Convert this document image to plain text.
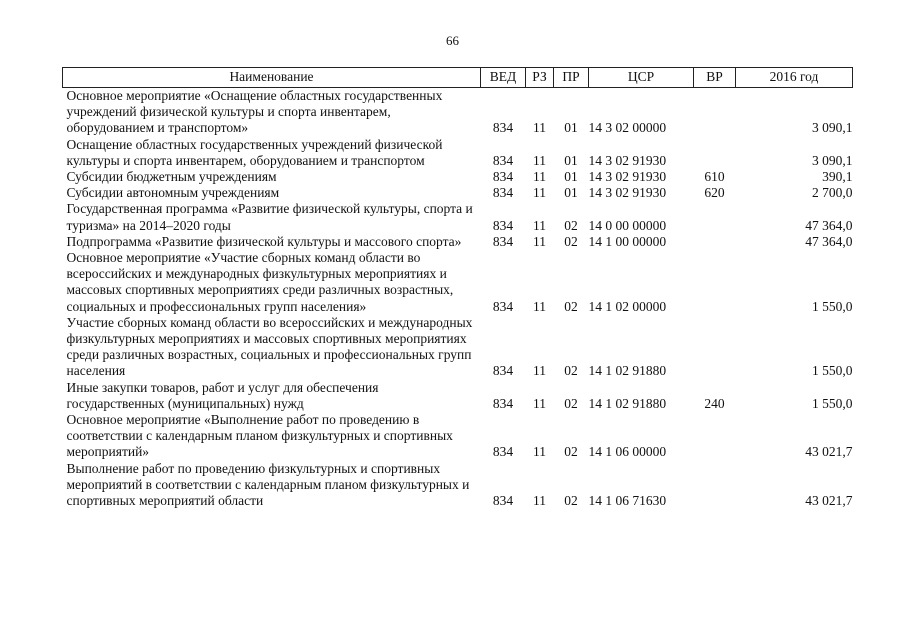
66
Наименование	ВЕД	РЗ	ПР	ЦСР	ВР	2016 год
Основное мероприятие «Оснащение областных государственных учреждений физической культуры и спорта инвентарем, оборудованием и транспортом»	834	11	01	14 3 02 00000		3 090,1
Оснащение областных государственных учреждений физической культуры и спорта инвентарем, оборудованием и транспортом	834	11	01	14 3 02 91930		3 090,1
Субсидии бюджетным учреждениям	834	11	01	14 3 02 91930	610	390,1
Субсидии автономным учреждениям	834	11	01	14 3 02 91930	620	2 700,0
Государственная программа «Развитие физической культуры, спорта и туризма» на 2014–2020 годы	834	11	02	14 0 00 00000		47 364,0
Подпрограмма «Развитие физической культуры и массового спорта»	834	11	02	14 1 00 00000		47 364,0
Основное мероприятие «Участие сборных команд области во всероссийских и международных физкультурных мероприятиях и массовых спортивных мероприятиях среди различных возрастных, социальных и профессиональных групп населения»	834	11	02	14 1 02 00000		1 550,0
Участие сборных команд области во всероссийских и международных физкультурных мероприятиях и массовых спортивных мероприятиях среди различных возрастных, социальных и профессиональных групп населения	834	11	02	14 1 02 91880		1 550,0
Иные закупки товаров, работ и услуг для обеспечения государственных (муниципальных) нужд	834	11	02	14 1 02 91880	240	1 550,0
Основное мероприятие «Выполнение работ по проведению в соответствии с календарным планом физкультурных и спортивных мероприятий»	834	11	02	14 1 06 00000		43 021,7
Выполнение работ по проведению физкультурных и спортивных мероприятий в соответствии с календарным планом физкультурных и спортивных мероприятий области	834	11	02	14 1 06 71630		43 021,7
